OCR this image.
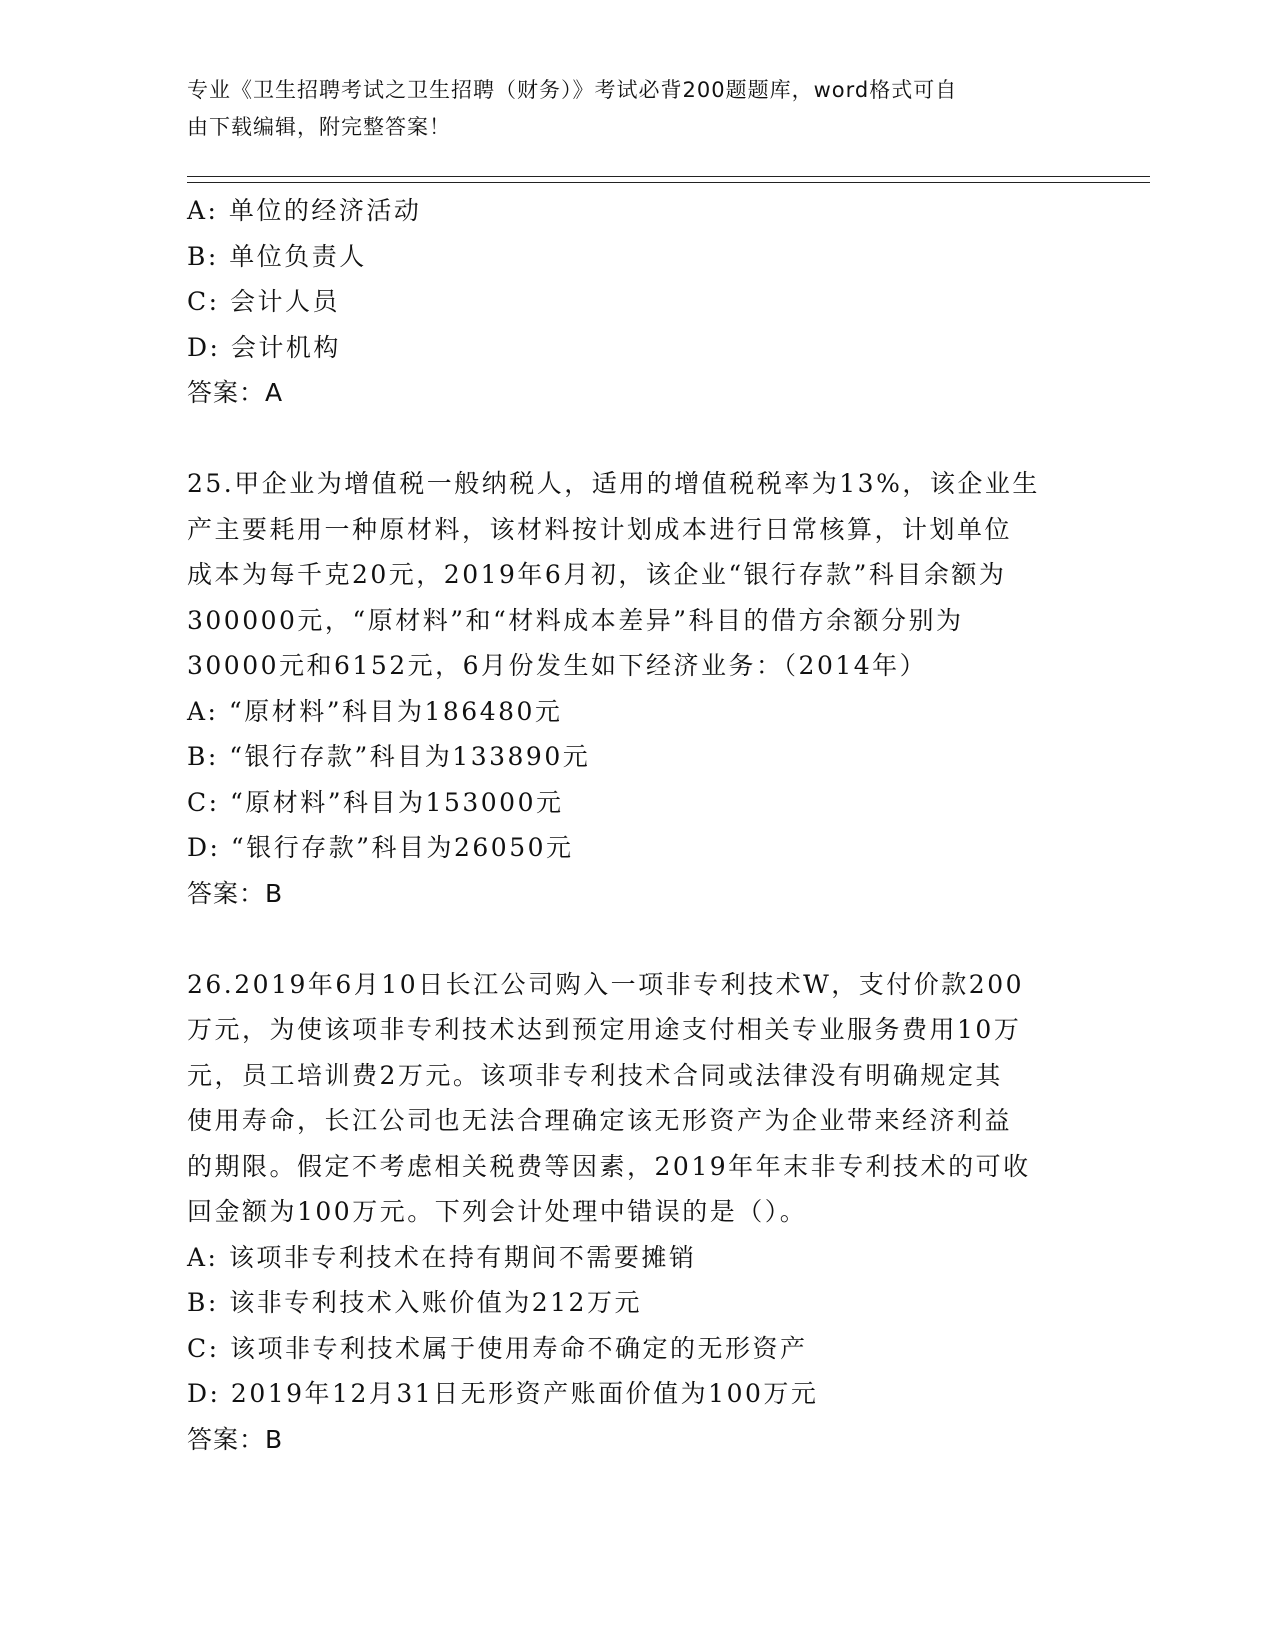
专业《卫生招聘考试之卫生招聘（财务）》考试必背200题题库，word格式可自
由下载编辑，附完整答案！
A: 单位的经济活动
B: 单位负责人
C: 会计人员
D: 会计机构
答案：A
25.甲企业为增值税一般纳税人，适用的增值税税率为13%，该企业生
产主要耗用一种原材料，该材料按计划成本进行日常核算，计划单位
成本为每千克20元，2019年6月初，该企业“银行存款”科目余额为
300000元，“原材料”和“材料成本差异”科目的借方余额分别为
30000元和6152元，6月份发生如下经济业务：（2014年）
A: “原材料”科目为186480元
B: “银行存款”科目为133890元
C: “原材料”科目为153000元
D: “银行存款”科目为26050元
答案：B
26.2019年6月10日长江公司购入一项非专利技术W，支付价款200
万元，为使该项非专利技术达到预定用途支付相关专业服务费用10万
元，员工培训费2万元。该项非专利技术合同或法律没有明确规定其
使用寿命，长江公司也无法合理确定该无形资产为企业带来经济利益
的期限。假定不考虑相关税费等因素，2019年年末非专利技术的可收
回金额为100万元。下列会计处理中错误的是（）。
A: 该项非专利技术在持有期间不需要摊销
B: 该非专利技术入账价值为212万元
C: 该项非专利技术属于使用寿命不确定的无形资产
D: 2019年12月31日无形资产账面价值为100万元
答案：B
